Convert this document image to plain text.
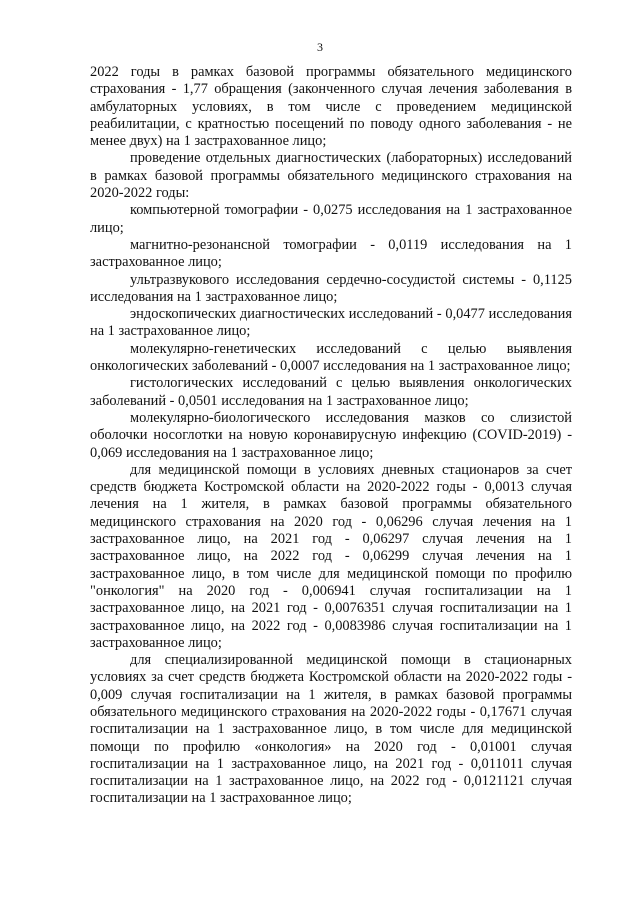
3

2022 годы в рамках базовой программы обязательного медицинского страхования - 1,77 обращения (законченного случая лечения заболевания в амбулаторных условиях, в том числе с проведением медицинской реабилитации, с кратностью посещений по поводу одного заболевания - не менее двух) на 1 застрахованное лицо;

проведение отдельных диагностических (лабораторных) исследований в рамках базовой программы обязательного медицинского страхования на 2020-2022 годы:

компьютерной томографии - 0,0275 исследования на 1 застрахованное лицо;

магнитно-резонансной томографии - 0,0119 исследования на 1 застрахованное лицо;

ультразвукового исследования сердечно-сосудистой системы - 0,1125 исследования на 1 застрахованное лицо;

эндоскопических диагностических исследований - 0,0477 исследования на 1 застрахованное лицо;

молекулярно-генетических исследований с целью выявления онкологических заболеваний - 0,0007 исследования на 1 застрахованное лицо;

гистологических исследований с целью выявления онкологических заболеваний - 0,0501 исследования на 1 застрахованное лицо;

молекулярно-биологического исследования мазков со слизистой оболочки носоглотки на новую коронавирусную инфекцию (COVID-2019) - 0,069 исследования на 1 застрахованное лицо;

для медицинской помощи в условиях дневных стационаров за счет средств бюджета Костромской области на 2020-2022 годы - 0,0013 случая лечения на 1 жителя, в рамках базовой программы обязательного медицинского страхования на 2020 год - 0,06296 случая лечения на 1 застрахованное лицо, на 2021 год - 0,06297 случая лечения на 1 застрахованное лицо, на 2022 год - 0,06299 случая лечения на 1 застрахованное лицо, в том числе для медицинской помощи по профилю "онкология" на 2020 год - 0,006941 случая госпитализации на 1 застрахованное лицо, на 2021 год - 0,0076351 случая госпитализации на 1 застрахованное лицо, на 2022 год - 0,0083986 случая госпитализации на 1 застрахованное лицо;

для специализированной медицинской помощи в стационарных условиях за счет средств бюджета Костромской области на 2020-2022 годы - 0,009 случая госпитализации на 1 жителя, в рамках базовой программы обязательного медицинского страхования на 2020-2022 годы - 0,17671 случая госпитализации на 1 застрахованное лицо, в том числе для медицинской помощи по профилю «онкология» на 2020 год - 0,01001 случая госпитализации на 1 застрахованное лицо, на 2021 год - 0,011011 случая госпитализации на 1 застрахованное лицо, на 2022 год - 0,0121121 случая госпитализации на 1 застрахованное лицо;
